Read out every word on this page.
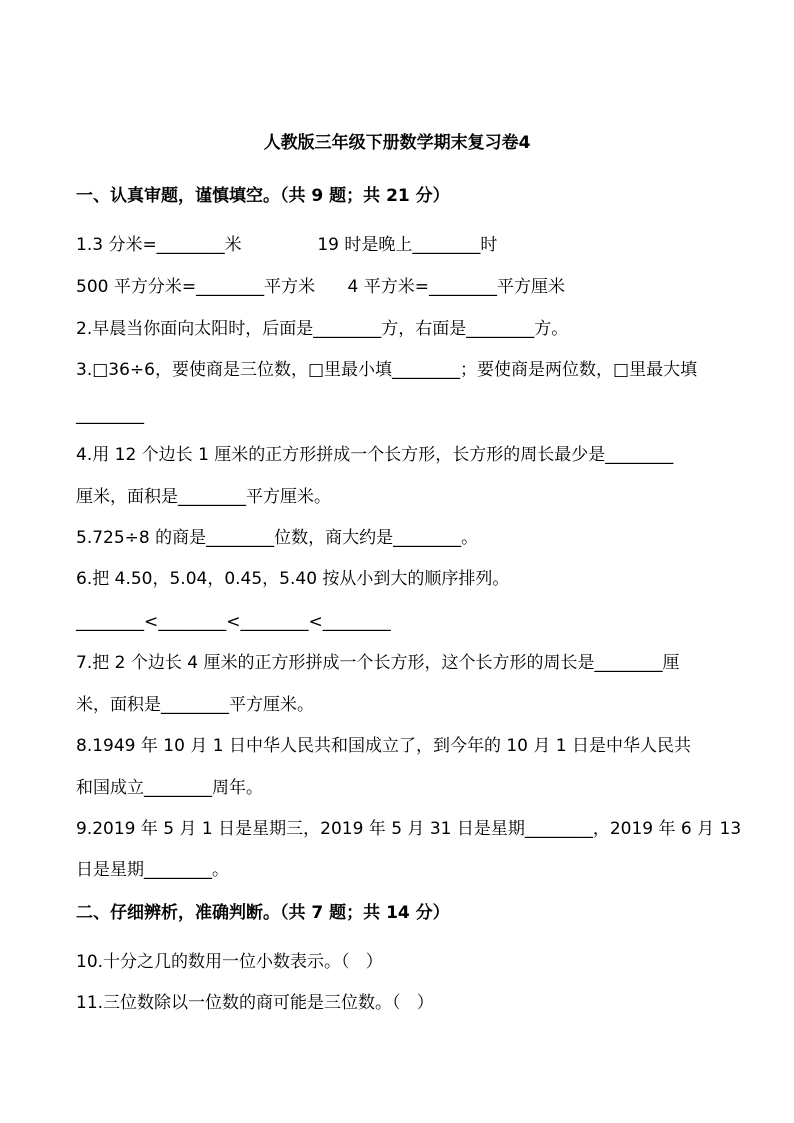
人教版三年级下册数学期末复习卷4
一、认真审题，谨慎填空。（共 9 题；共 21 分）
1.3 分米=________米              19 时是晚上________时
500 平方分米=________平方米      4 平方米=________平方厘米
2.早晨当你面向太阳时，后面是________方，右面是________方。
3.□36÷6，要使商是三位数，□里最小填________；要使商是两位数，□里最大填
________
4.用 12 个边长 1 厘米的正方形拼成一个长方形，长方形的周长最少是________
厘米，面积是________平方厘米。
5.725÷8 的商是________位数，商大约是________。
6.把 4.50，5.04，0.45，5.40 按从小到大的顺序排列。
________<________<________<________
7.把 2 个边长 4 厘米的正方形拼成一个长方形，这个长方形的周长是________厘
米，面积是________平方厘米。
8.1949 年 10 月 1 日中华人民共和国成立了，到今年的 10 月 1 日是中华人民共
和国成立________周年。
9.2019 年 5 月 1 日是星期三，2019 年 5 月 31 日是星期________，2019 年 6 月 13
日是星期________。
二、仔细辨析，准确判断。（共 7 题；共 14 分）
10.十分之几的数用一位小数表示。（   ）
11.三位数除以一位数的商可能是三位数。（   ）
